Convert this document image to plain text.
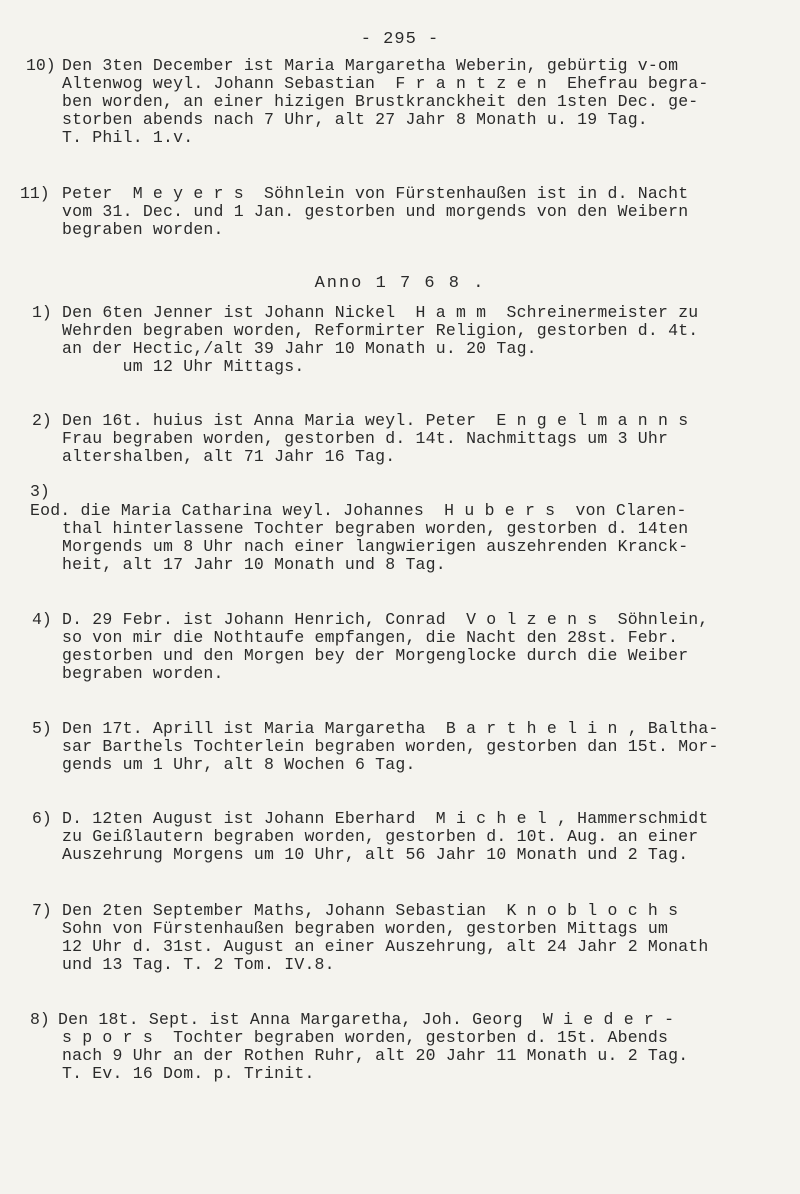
- 295 -
10) Den 3ten December ist Maria Margaretha Weberin, gebürtig v-om
Altenwog weyl. Johann Sebastian  F r a n t z e n  Ehefrau begra-
ben worden, an einer hizigen Brustkranckheit den 1sten Dec. ge-
storben abends nach 7 Uhr, alt 27 Jahr 8 Monath u. 19 Tag.
T. Phil. 1.v.
11) Peter  M e y e r s  Söhnlein von Fürstenhaußen ist in d. Nacht
vom 31. Dec. und 1 Jan. gestorben und morgends von den Weibern
begraben worden.
Anno 1 7 6 8 .
1) Den 6ten Jenner ist Johann Nickel  H a m m  Schreinermeister zu
Wehrden begraben worden, Reformirter Religion, gestorben d. 4t.
an der Hectic,/alt 39 Jahr 10 Monath u. 20 Tag.
um 12 Uhr Mittags.
2) Den 16t. huius ist Anna Maria weyl. Peter  E n g e l m a n n s
Frau begraben worden, gestorben d. 14t. Nachmittags um 3 Uhr
altershalben, alt 71 Jahr 16 Tag.
3)
Eod. die Maria Catharina weyl. Johannes  H u b e r s  von Claren-
thal hinterlassene Tochter begraben worden, gestorben d. 14ten
Morgends um 8 Uhr nach einer langwierigen auszehrenden Kranck-
heit, alt 17 Jahr 10 Monath und 8 Tag.
4) D. 29 Febr. ist Johann Henrich, Conrad  V o l z e n s  Söhnlein,
so von mir die Nothtaufe empfangen, die Nacht den 28st. Febr.
gestorben und den Morgen bey der Morgenglocke durch die Weiber
begraben worden.
5) Den 17t. Aprill ist Maria Margaretha  B a r t h e l i n , Baltha-
sar Barthels Tochterlein begraben worden, gestorben dan 15t. Mor-
gends um 1 Uhr, alt 8 Wochen 6 Tag.
6) D. 12ten August ist Johann Eberhard  M i c h e l , Hammerschmidt
zu Geißlautern begraben worden, gestorben d. 10t. Aug. an einer
Auszehrung Morgens um 10 Uhr, alt 56 Jahr 10 Monath und 2 Tag.
7) Den 2ten September Maths, Johann Sebastian  K n o b l o c h s
Sohn von Fürstenhaußen begraben worden, gestorben Mittags um
12 Uhr d. 31st. August an einer Auszehrung, alt 24 Jahr 2 Monath
und 13 Tag. T. 2 Tom. IV.8.
8) Den 18t. Sept. ist Anna Margaretha, Joh. Georg  W i e d e r -
s p o r s  Tochter begraben worden, gestorben d. 15t. Abends
nach 9 Uhr an der Rothen Ruhr, alt 20 Jahr 11 Monath u. 2 Tag.
T. Ev. 16 Dom. p. Trinit.
